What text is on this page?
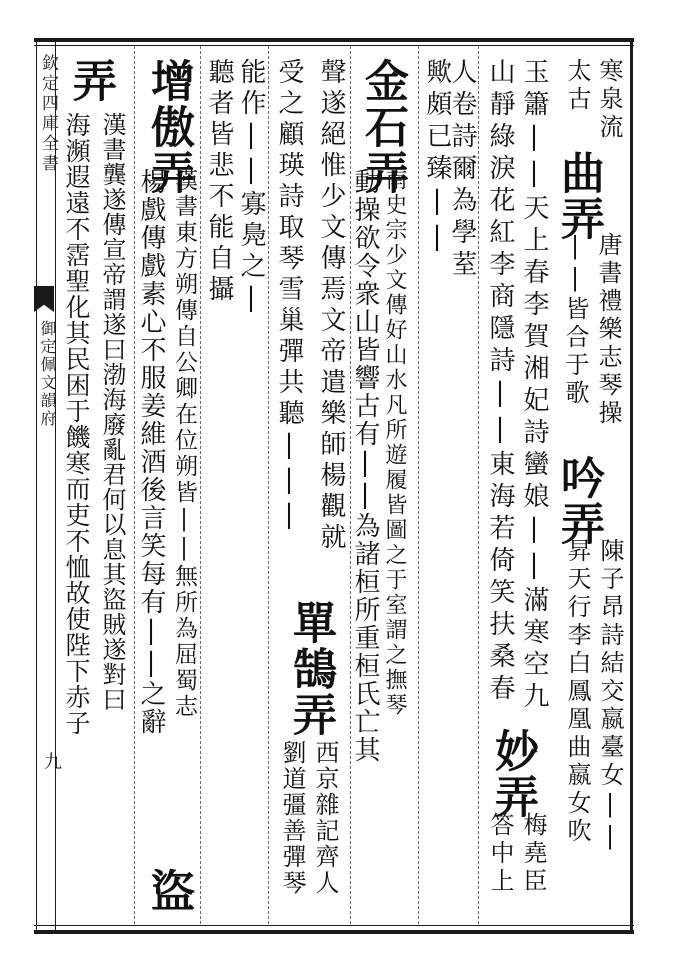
欽定四庫全書
御定佩文韻府
九
寒泉流
太古
曲弄
唐書禮樂志琴操
||皆合于歌
吟弄
陳子昂詩結交嬴臺女||
昇天行李白鳳凰曲嬴女吹
玉簫||天上春李賀湘妃詩蠻娘||滿寒空九
山靜綠淚花紅李商隱詩||東海若倚笑扶桑春
妙弄
梅堯臣
答中上
人卷詩爾為學荎
歟頗已臻||
金石弄
南史宗少文傳好山水凡所遊履皆圖之于室謂之撫琴
動操欲令衆山皆響古有||為諸桓所重桓氏亡其
聲遂絕惟少文傳焉文帝遣樂師楊觀就
單鵠弄
西京雜記齊人
受之顧瑛詩取琴雪巢彈共聽|||
劉道彊善彈琴
能作||寡鳧之|
聽者皆悲不能自攝
增傲弄
漢書東方朔傳自公卿在位朔皆||無所為屈蜀志
楊戲傳戲素心不服姜維酒後言笑每有||之辭
盜
弄
漢書龔遂傳宣帝謂遂曰渤海廢亂君何以息其盜賊遂對曰
海瀕遐遠不霑聖化其民困于饑寒而吏不恤故使陛下赤子
